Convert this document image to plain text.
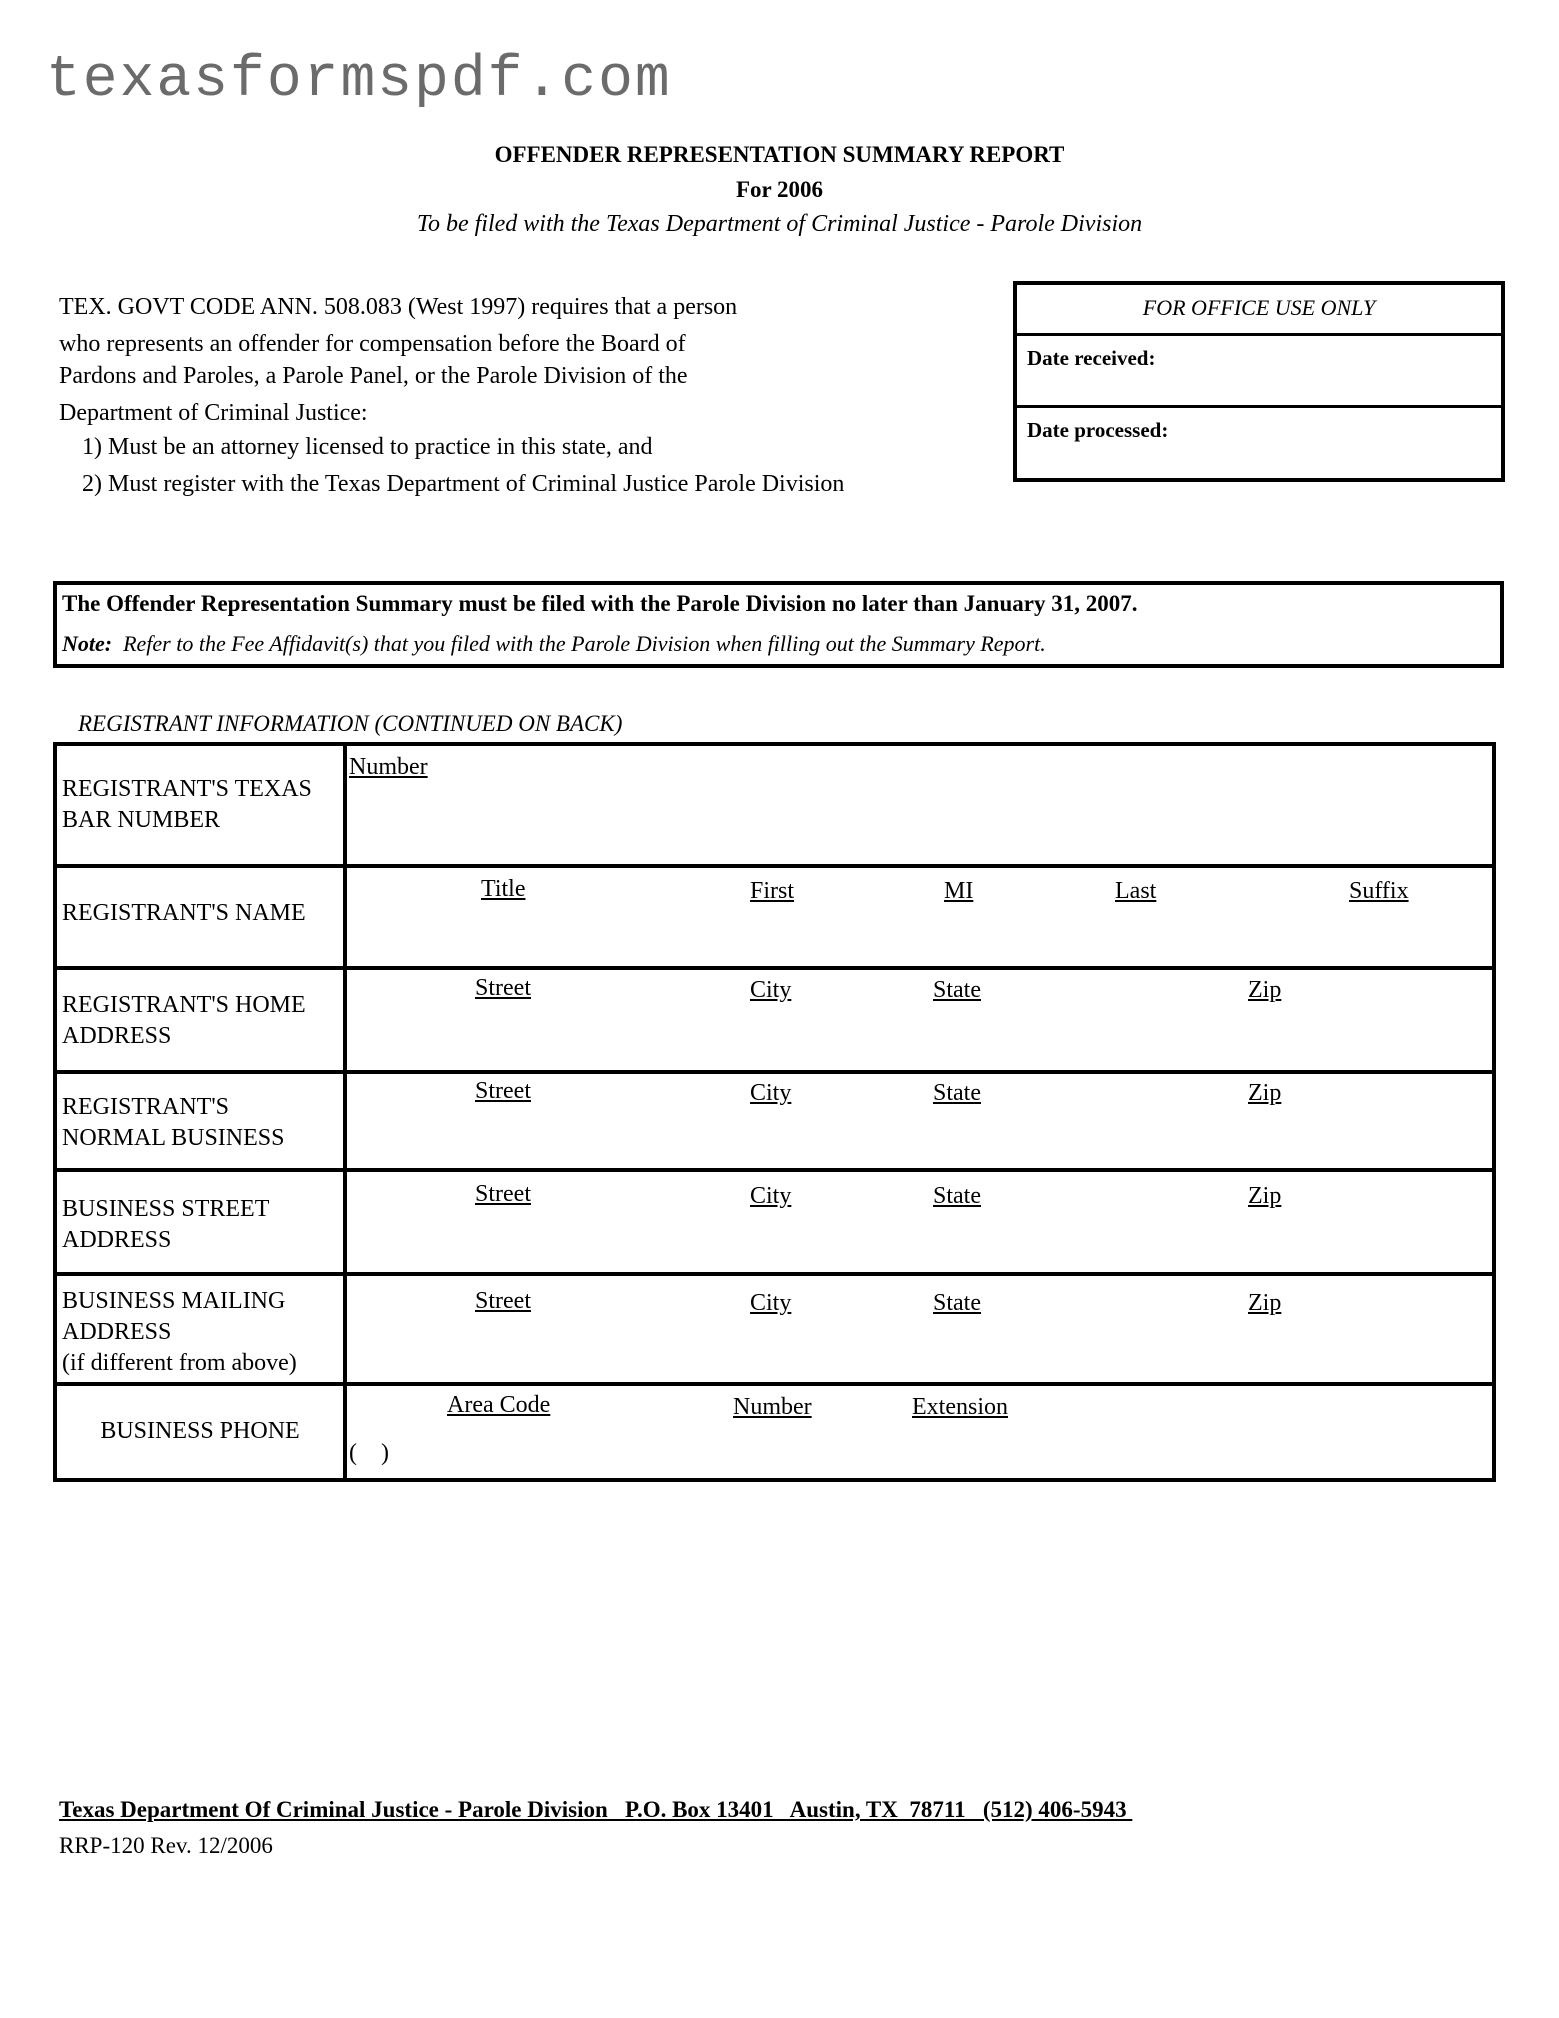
texasformspdf.com
OFFENDER REPRESENTATION SUMMARY REPORT
For 2006
To be filed with the Texas Department of Criminal Justice - Parole Division
TEX. GOVT CODE ANN. 508.083 (West 1997) requires that a person
who represents an offender for compensation before the Board of
Pardons and Paroles, a Parole Panel, or the Parole Division of the
Department of Criminal Justice:
1) Must be an attorney licensed to practice in this state, and
2) Must register with the Texas Department of Criminal Justice Parole Division
FOR OFFICE USE ONLY
Date received:
Date processed:
The Offender Representation Summary must be filed with the Parole Division no later than January 31, 2007.
Note: Refer to the Fee Affidavit(s) that you filed with the Parole Division when filling out the Summary Report.
REGISTRANT INFORMATION (CONTINUED ON BACK)
REGISTRANT'S TEXAS
BAR NUMBER
Number
REGISTRANT'S NAME
Title	First	MI	Last	Suffix
REGISTRANT'S HOME
ADDRESS
Street	City	State	Zip
REGISTRANT'S
NORMAL BUSINESS
Street	City	State	Zip
BUSINESS STREET
ADDRESS
Street	City	State	Zip
BUSINESS MAILING
ADDRESS
(if different from above)
Street	City	State	Zip
BUSINESS PHONE
Area Code	Number	Extension
(    )
Texas Department Of Criminal Justice - Parole Division   P.O. Box 13401   Austin, TX  78711   (512) 406-5943
RRP-120 Rev. 12/2006
